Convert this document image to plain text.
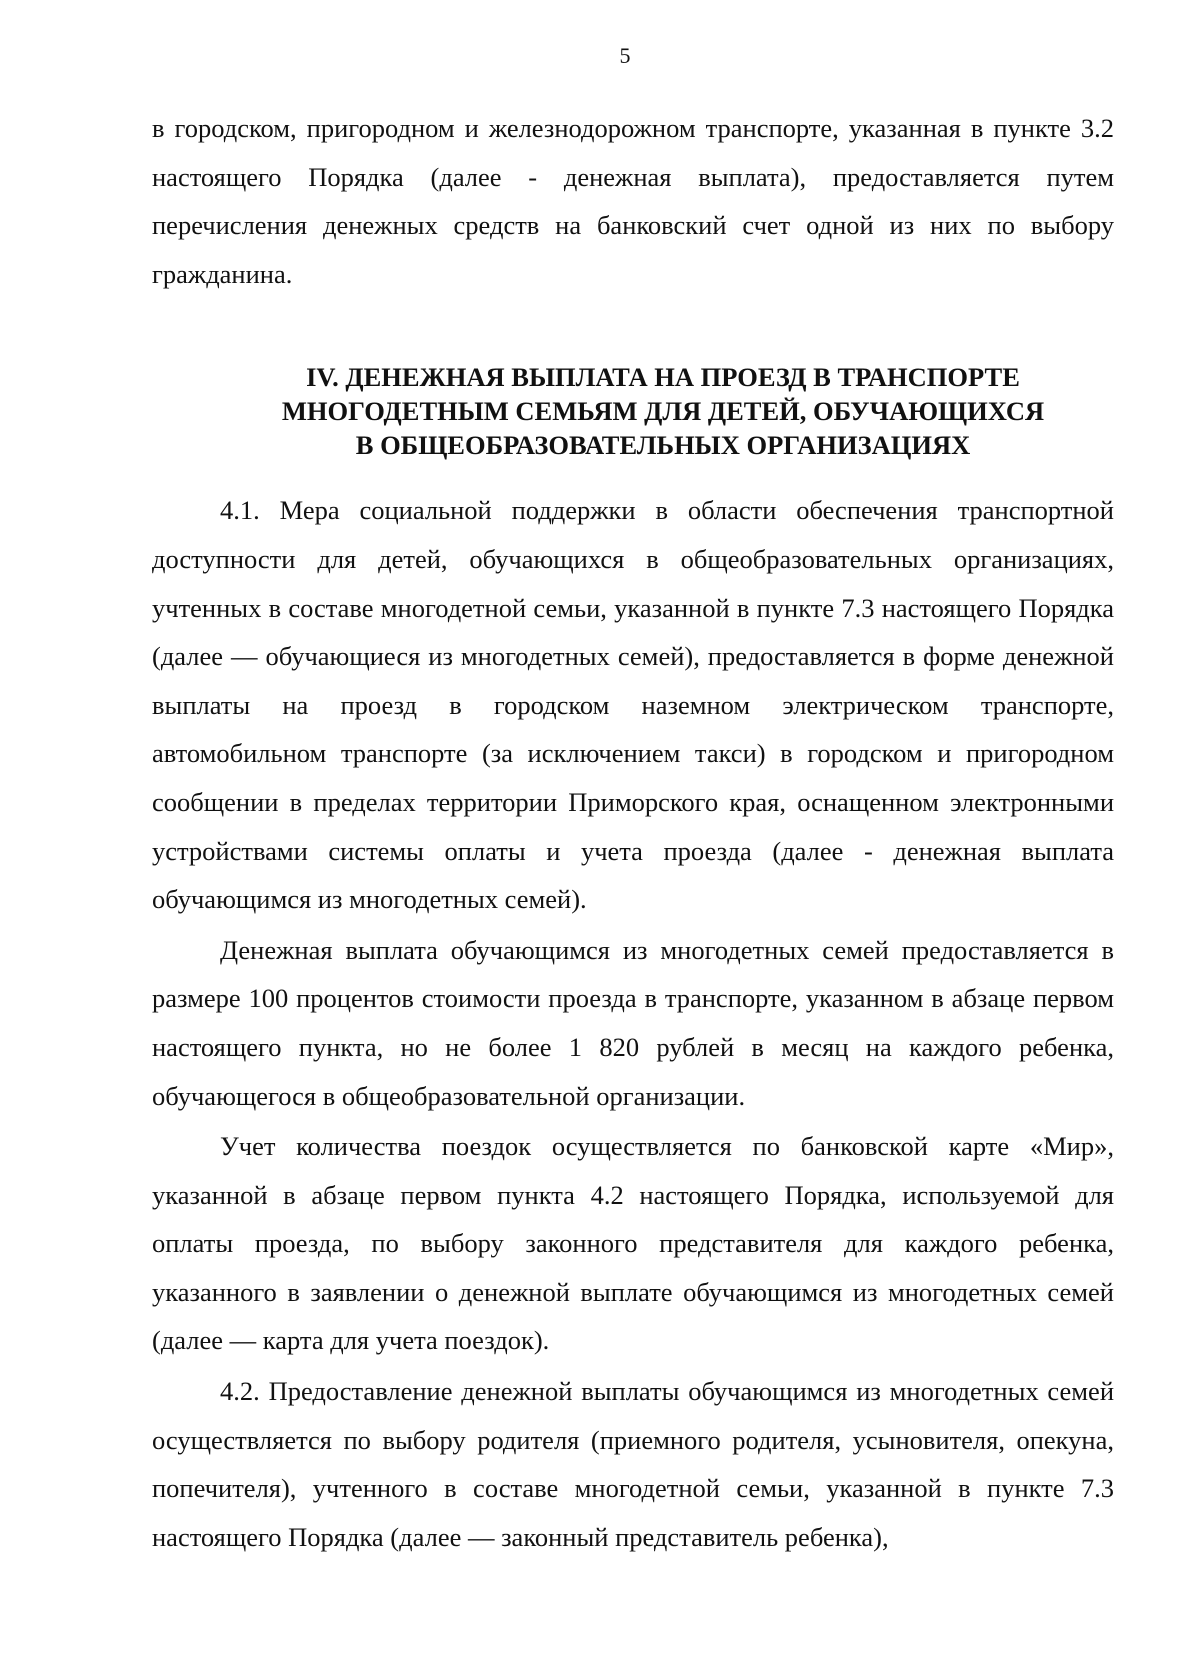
5

в городском, пригородном и железнодорожном транспорте, указанная в пункте 3.2 настоящего Порядка (далее - денежная выплата), предоставляется путем перечисления денежных средств на банковский счет одной из них по выбору гражданина.

IV. ДЕНЕЖНАЯ ВЫПЛАТА НА ПРОЕЗД В ТРАНСПОРТЕ
МНОГОДЕТНЫМ СЕМЬЯМ ДЛЯ ДЕТЕЙ, ОБУЧАЮЩИХСЯ
В ОБЩЕОБРАЗОВАТЕЛЬНЫХ ОРГАНИЗАЦИЯХ

4.1. Мера социальной поддержки в области обеспечения транспортной доступности для детей, обучающихся в общеобразовательных организациях, учтенных в составе многодетной семьи, указанной в пункте 7.3 настоящего Порядка (далее — обучающиеся из многодетных семей), предоставляется в форме денежной выплаты на проезд в городском наземном электрическом транспорте, автомобильном транспорте (за исключением такси) в городском и пригородном сообщении в пределах территории Приморского края, оснащенном электронными устройствами системы оплаты и учета проезда (далее - денежная выплата обучающимся из многодетных семей).

Денежная выплата обучающимся из многодетных семей предоставляется в размере 100 процентов стоимости проезда в транспорте, указанном в абзаце первом настоящего пункта, но не более 1 820 рублей в месяц на каждого ребенка, обучающегося в общеобразовательной организации.

Учет количества поездок осуществляется по банковской карте «Мир», указанной в абзаце первом пункта 4.2 настоящего Порядка, используемой для оплаты проезда, по выбору законного представителя для каждого ребенка, указанного в заявлении о денежной выплате обучающимся из многодетных семей (далее — карта для учета поездок).

4.2. Предоставление денежной выплаты обучающимся из многодетных семей осуществляется по выбору родителя (приемного родителя, усыновителя, опекуна, попечителя), учтенного в составе многодетной семьи, указанной в пункте 7.3 настоящего Порядка (далее — законный представитель ребенка),
